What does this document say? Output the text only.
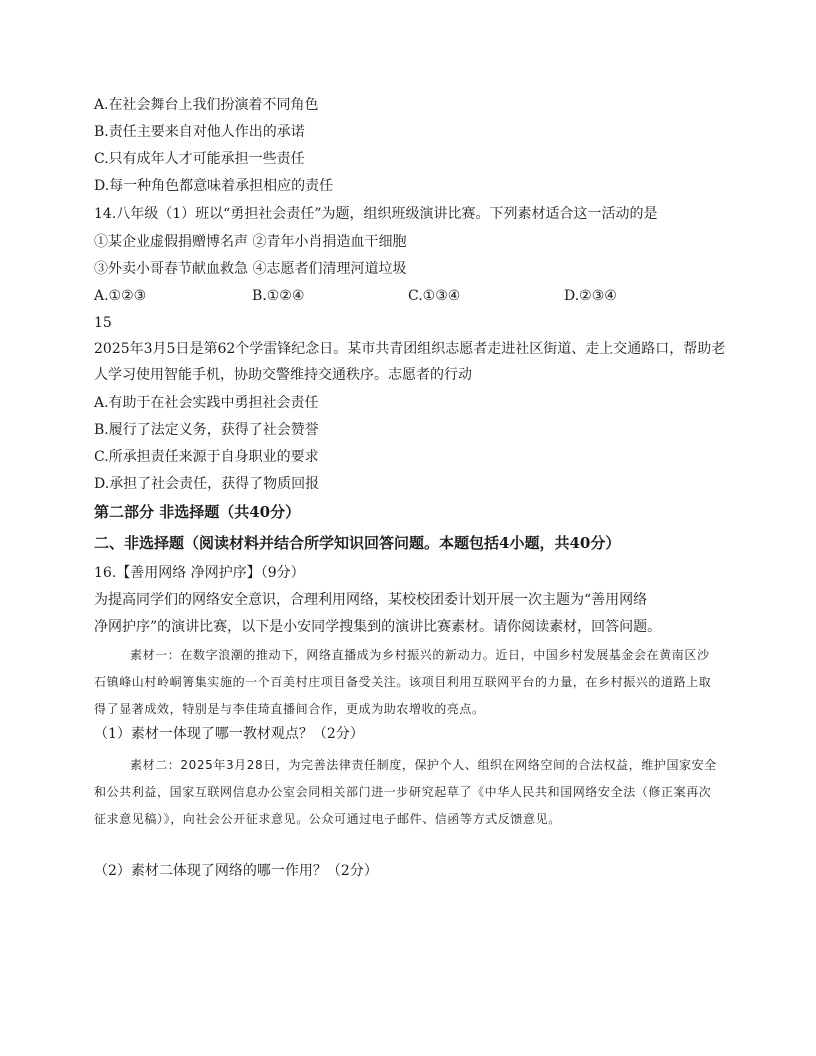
A.在社会舞台上我们扮演着不同角色
B.责任主要来自对他人作出的承诺
C.只有成年人才可能承担一些责任
D.每一种角色都意味着承担相应的责任
14.八年级（1）班以“勇担社会责任”为题，组织班级演讲比赛。下列素材适合这一活动的是
①某企业虚假捐赠博名声 ②青年小肖捐造血干细胞
③外卖小哥春节献血救急 ④志愿者们清理河道垃圾
A.①②③	B.①②④	C.①③④	D.②③④
15
2025年3月5日是第62个学雷锋纪念日。某市共青团组织志愿者走进社区街道、走上交通路口，帮助老
人学习使用智能手机，协助交警维持交通秩序。志愿者的行动
A.有助于在社会实践中勇担社会责任
B.履行了法定义务，获得了社会赞誉
C.所承担责任来源于自身职业的要求
D.承担了社会责任，获得了物质回报
第二部分 非选择题（共40分）
二、非选择题（阅读材料并结合所学知识回答问题。本题包括4小题，共40分）
16.【善用网络 净网护序】（9分）
为提高同学们的网络安全意识，合理利用网络，某校校团委计划开展一次主题为“善用网络
净网护序”的演讲比赛，以下是小安同学搜集到的演讲比赛素材。请你阅读素材，回答问题。
素材一：在数字浪潮的推动下，网络直播成为乡村振兴的新动力。近日，中国乡村发展基金会在黄南区沙石镇峰山村岭峒箐集实施的一个百美村庄项目备受关注。该项目利用互联网平台的力量，在乡村振兴的道路上取得了显著成效，特别是与李佳琦直播间合作，更成为助农增收的亮点。
（1）素材一体现了哪一教材观点？（2分）
素材二：2025年3月28日，为完善法律责任制度，保护个人、组织在网络空间的合法权益，维护国家安全和公共利益，国家互联网信息办公室会同相关部门进一步研究起草了《中华人民共和国网络安全法（修正案再次征求意见稿）》，向社会公开征求意见。公众可通过电子邮件、信函等方式反馈意见。
（2）素材二体现了网络的哪一作用？（2分）
